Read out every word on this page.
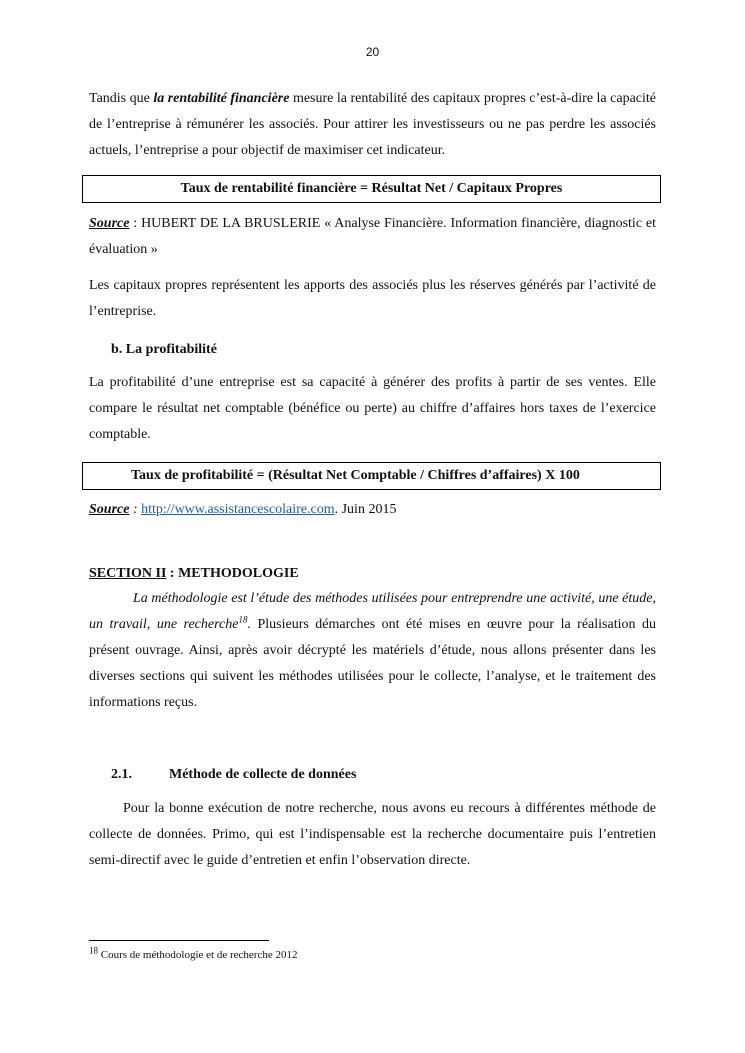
20
Tandis que la rentabilité financière mesure la rentabilité des capitaux propres c’est-à-dire la capacité de l’entreprise à rémunérer les associés. Pour attirer les investisseurs ou ne pas perdre les associés actuels, l’entreprise a pour objectif de maximiser cet indicateur.
Taux de rentabilité financière = Résultat Net / Capitaux Propres
Source : HUBERT DE LA BRUSLERIE « Analyse Financière. Information financière, diagnostic et évaluation »
Les capitaux propres représentent les apports des associés plus les réserves générés par l’activité de l’entreprise.
b. La profitabilité
La profitabilité d’une entreprise est sa capacité à générer des profits à partir de ses ventes. Elle compare le résultat net comptable (bénéfice ou perte) au chiffre d’affaires hors taxes de l’exercice comptable.
Taux de profitabilité = (Résultat Net Comptable / Chiffres d’affaires) X 100
Source : http://www.assistancescolaire.com. Juin 2015
SECTION II : METHODOLOGIE
La méthodologie est l’étude des méthodes utilisées pour entreprendre une activité, une étude, un travail, une recherche$^{18}$. Plusieurs démarches ont été mises en œuvre pour la réalisation du présent ouvrage. Ainsi, après avoir décrypté les matériels d’étude, nous allons présenter dans les diverses sections qui suivent les méthodes utilisées pour le collecte, l’analyse, et le traitement des informations reçus.
2.1.	Méthode de collecte de données
Pour la bonne exécution de notre recherche, nous avons eu recours à différentes méthode de collecte de données. Primo, qui est l’indispensable est la recherche documentaire puis l’entretien semi-directif avec le guide d’entretien et enfin l’observation directe.
$^{18}$ Cours de méthodologie et de recherche 2012
